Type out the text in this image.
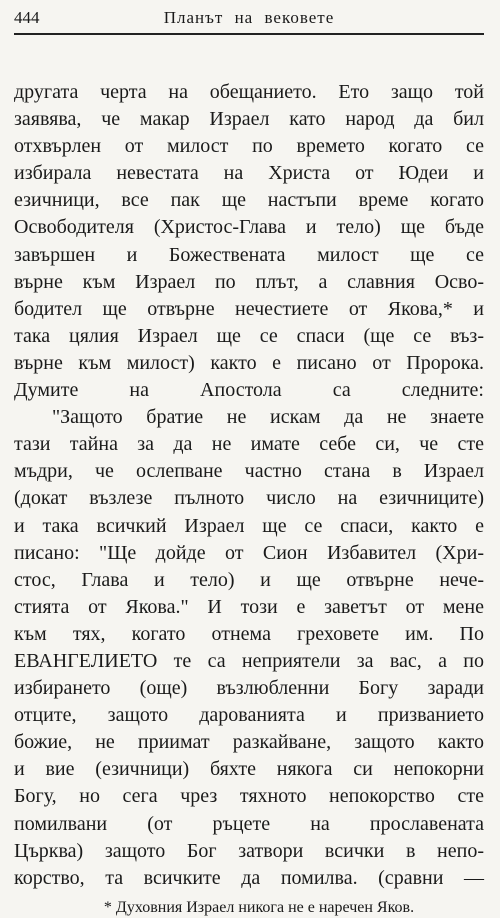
444	Планът на вековете
другата черта на обещанието. Ето защо той
заявява, че макар Израел като народ да бил
отхвърлен от милост по времето когато се
избирала невестата на Христа от Юдеи и
езичници, все пак ще настъпи време когато
Освободителя (Христос-Глава и тело) ще бъде
завършен и Божествената милост ще се
върне към Израел по плът, а славния Осво-
бодител ще отвърне нечестиете от Якова,* и
така цялия Израел ще се спаси (ще се въз-
върне към милост) както е писано от Пророка.
Думите на Апостола са следните:
"Защото братие не искам да не знаете
тази тайна за да не имате себе си, че сте
мъдри, че ослепване частно стана в Израел
(докат възлезе пълното число на езичниците)
и така всичкий Израел ще се спаси, както е
писано: "Ще дойде от Сион Избавител (Хри-
стос, Глава и тело) и ще отвърне нече-
стията от Якова." И този е заветът от мене
към тях, когато отнема греховете им. По
ЕВАНГЕЛИЕТО те са неприятели за вас, а по
избирането (още) възлюбленни Богу заради
отците, защото дарованията и призванието
божие, не приимат разкайване, защото както
и вие (езичници) бяхте някога си непокорни
Богу, но сега чрез тяхното непокорство сте
помилвани (от ръцете на прославената
Църква) защото Бог затвори всички в непо-
корство, та всичките да помилва. (сравни —
* Духовния Израел никога не е наречен Яков.
